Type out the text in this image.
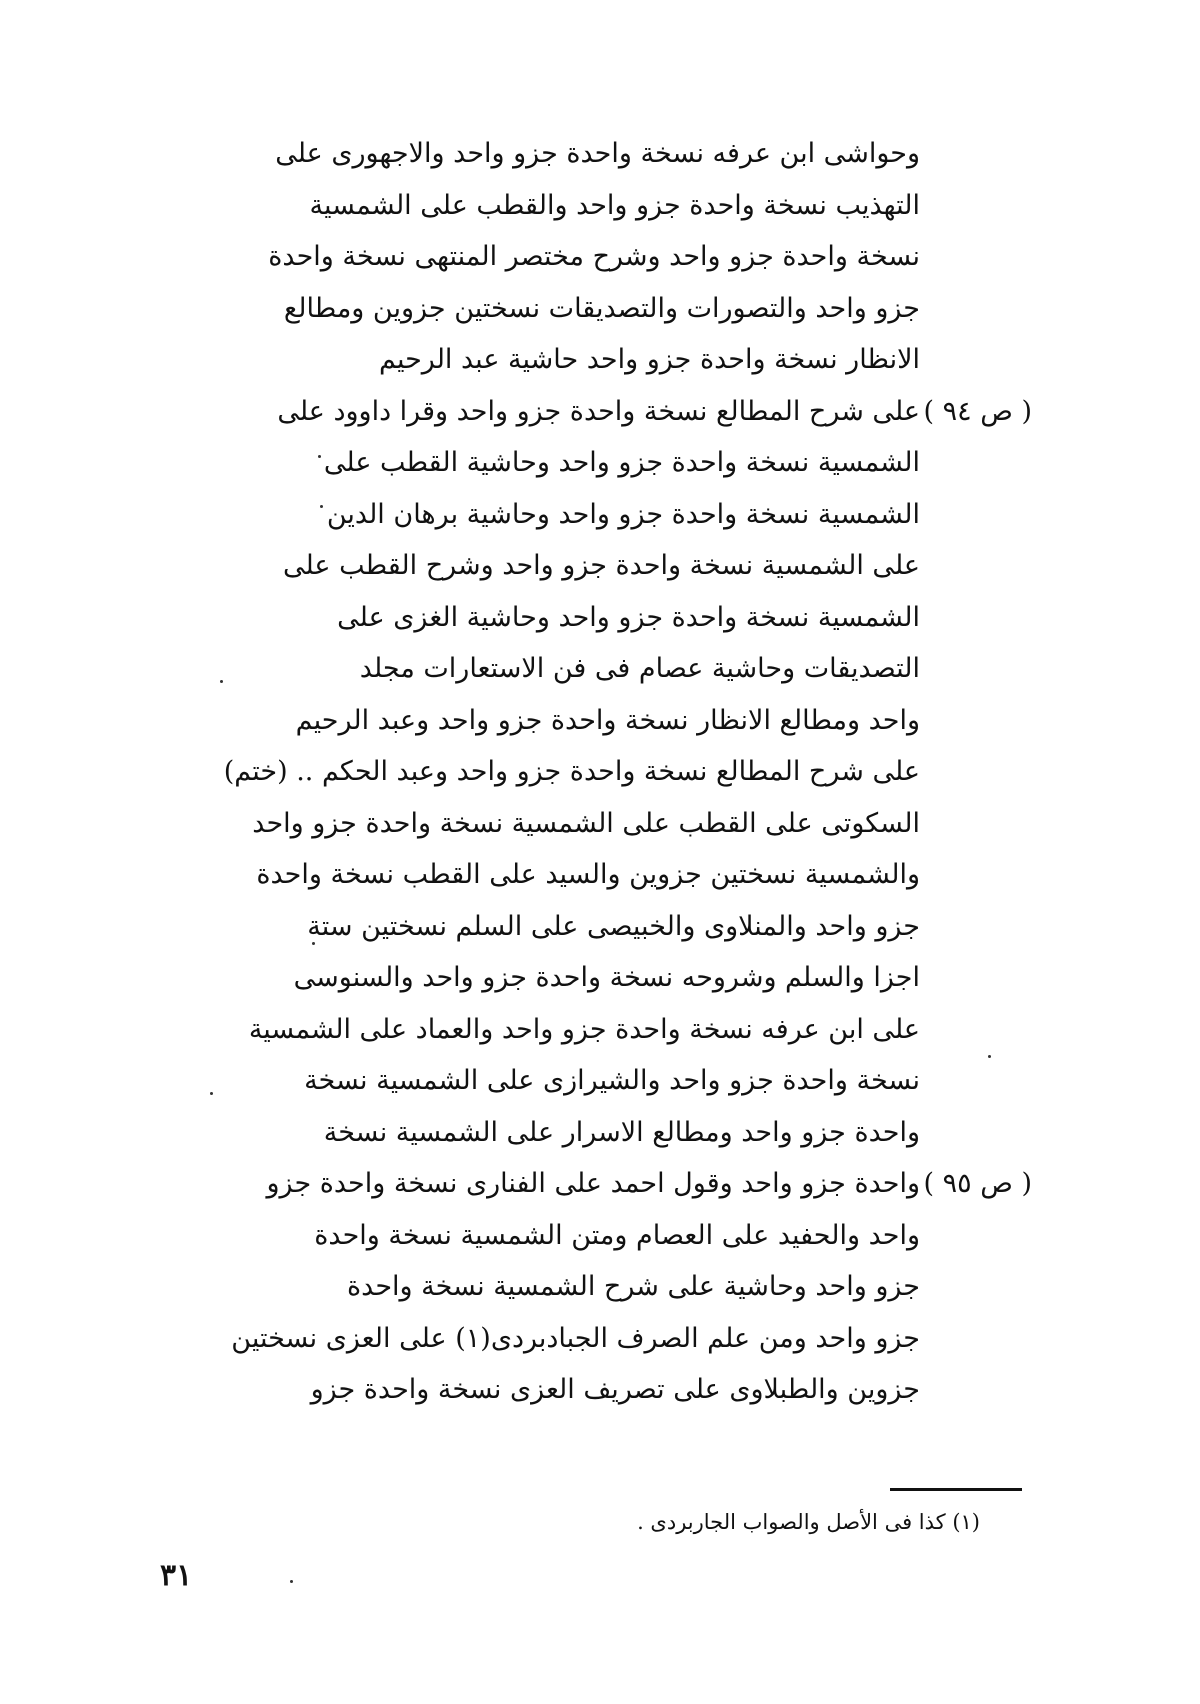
وحواشى ابن عرفه نسخة واحدة جزو واحد والاجهورى على
التهذيب نسخة واحدة جزو واحد والقطب على الشمسية
نسخة واحدة جزو واحد وشرح مختصر المنتهى نسخة واحدة
جزو واحد والتصورات والتصديقات نسختين جزوين ومطالع
الانظار نسخة واحدة جزو واحد حاشية عبد الرحيم
على شرح المطالع نسخة واحدة جزو واحد وقرا داوود على ( ص ٩٤ )
الشمسية نسخة واحدة جزو واحد وحاشية القطب على
الشمسية نسخة واحدة جزو واحد وحاشية برهان الدين
على الشمسية نسخة واحدة جزو واحد وشرح القطب على
الشمسية نسخة واحدة جزو واحد وحاشية الغزى على
التصديقات وحاشية عصام فى فن الاستعارات مجلد
واحد ومطالع الانظار نسخة واحدة جزو واحد وعبد الرحيم
على شرح المطالع نسخة واحدة جزو واحد وعبد الحكم .. (ختم)
السكوتى على القطب على الشمسية نسخة واحدة جزو واحد
والشمسية نسختين جزوين والسيد على القطب نسخة واحدة
جزو واحد والمنلاوى والخبيصى على السلم نسختين ستة
اجزا والسلم وشروحه نسخة واحدة جزو واحد والسنوسى
على ابن عرفه نسخة واحدة جزو واحد والعماد على الشمسية
نسخة واحدة جزو واحد والشيرازى على الشمسية نسخة
واحدة جزو واحد ومطالع الاسرار على الشمسية نسخة
واحدة جزو واحد وقول احمد على الفنارى نسخة واحدة جزو ( ص ٩٥ )
واحد والحفيد على العصام ومتن الشمسية نسخة واحدة
جزو واحد وحاشية على شرح الشمسية نسخة واحدة
جزو واحد ومن علم الصرف الجبادبردى(١) على العزى نسختين
جزوين والطبلاوى على تصريف العزى نسخة واحدة جزو
(١) كذا فى الأصل والصواب الجاربردى .
٣١
